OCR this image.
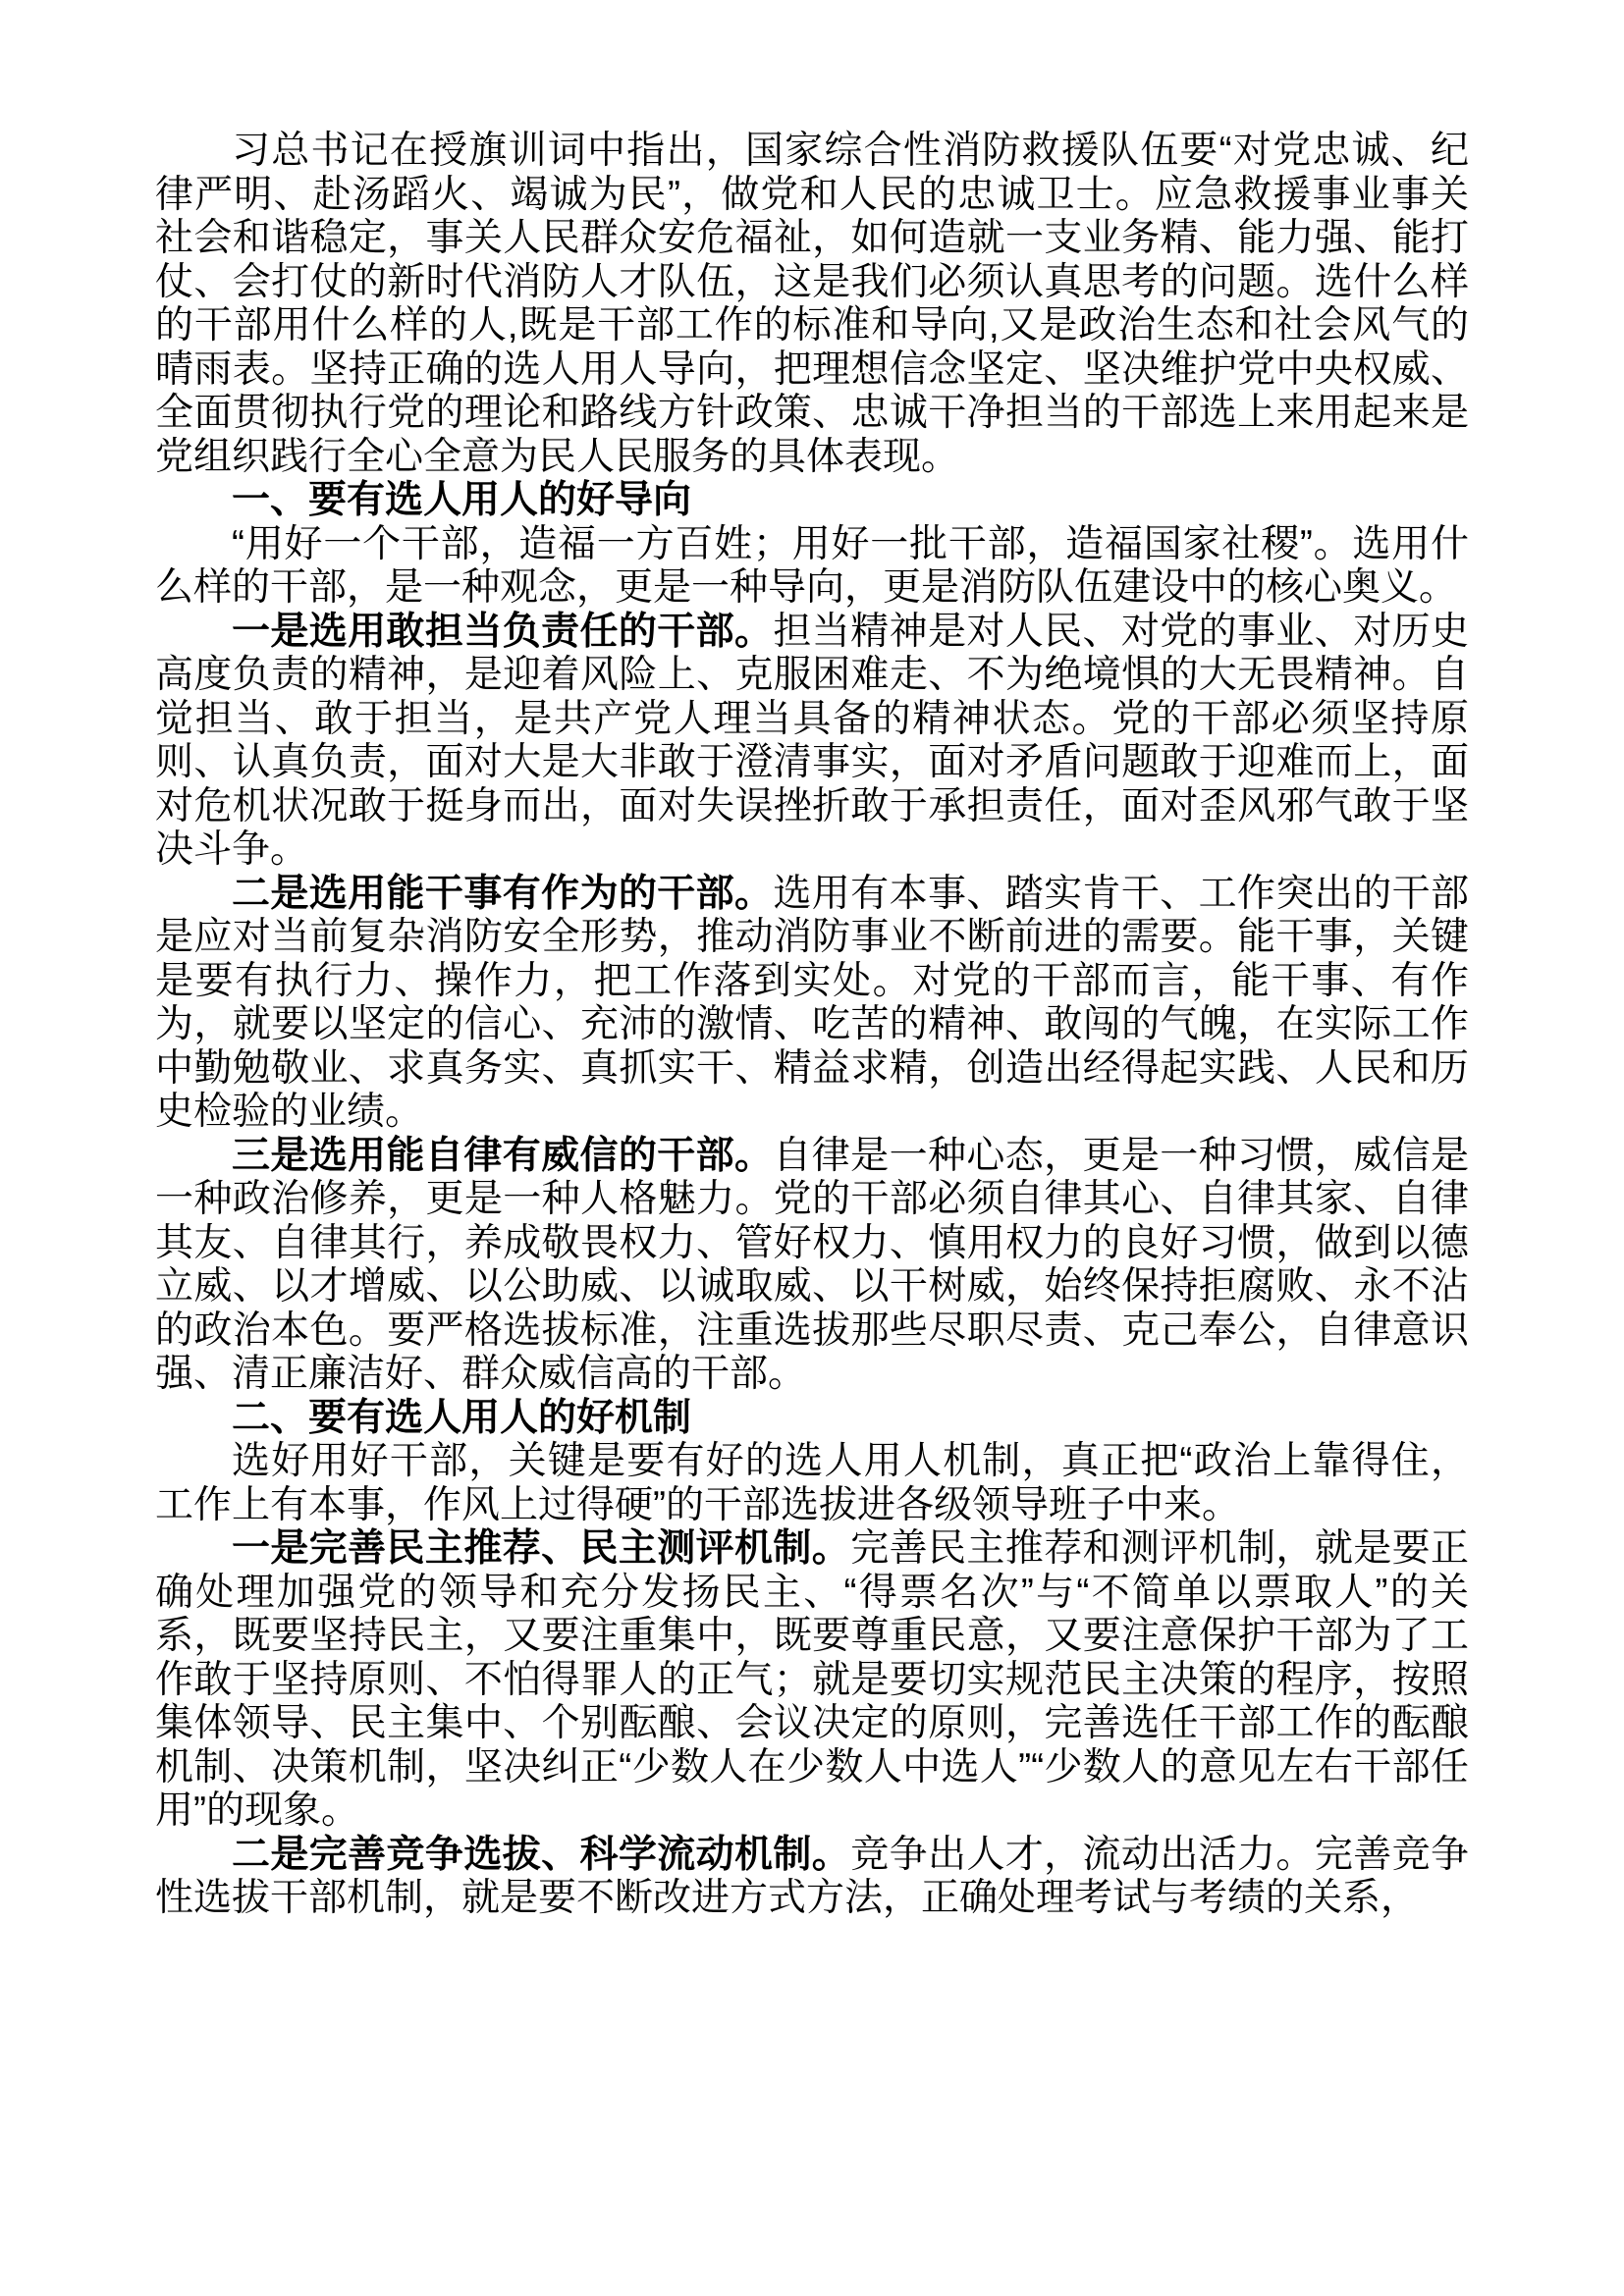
习总书记在授旗训词中指出，国家综合性消防救援队伍要“对党忠诚、纪律严明、赴汤蹈火、竭诚为民”，做党和人民的忠诚卫士。应急救援事业事关社会和谐稳定，事关人民群众安危福祉，如何造就一支业务精、能力强、能打仗、会打仗的新时代消防人才队伍，这是我们必须认真思考的问题。选什么样的干部用什么样的人,既是干部工作的标准和导向,又是政治生态和社会风气的晴雨表。坚持正确的选人用人导向，把理想信念坚定、坚决维护党中央权威、全面贯彻执行党的理论和路线方针政策、忠诚干净担当的干部选上来用起来是党组织践行全心全意为民人民服务的具体表现。

一、要有选人用人的好导向

“用好一个干部，造福一方百姓；用好一批干部，造福国家社稷”。选用什么样的干部，是一种观念，更是一种导向，更是消防队伍建设中的核心奥义。

一是选用敢担当负责任的干部。担当精神是对人民、对党的事业、对历史高度负责的精神，是迎着风险上、克服困难走、不为绝境惧的大无畏精神。自觉担当、敢于担当，是共产党人理当具备的精神状态。党的干部必须坚持原则、认真负责，面对大是大非敢于澄清事实，面对矛盾问题敢于迎难而上，面对危机状况敢于挺身而出，面对失误挫折敢于承担责任，面对歪风邪气敢于坚决斗争。

二是选用能干事有作为的干部。选用有本事、踏实肯干、工作突出的干部是应对当前复杂消防安全形势，推动消防事业不断前进的需要。能干事，关键是要有执行力、操作力，把工作落到实处。对党的干部而言，能干事、有作为，就要以坚定的信心、充沛的激情、吃苦的精神、敢闯的气魄，在实际工作中勤勉敬业、求真务实、真抓实干、精益求精，创造出经得起实践、人民和历史检验的业绩。

三是选用能自律有威信的干部。自律是一种心态，更是一种习惯，威信是一种政治修养，更是一种人格魅力。党的干部必须自律其心、自律其家、自律其友、自律其行，养成敬畏权力、管好权力、慎用权力的良好习惯，做到以德立威、以才增威、以公助威、以诚取威、以干树威，始终保持拒腐败、永不沾的政治本色。要严格选拔标准，注重选拔那些尽职尽责、克己奉公，自律意识强、清正廉洁好、群众威信高的干部。

二、要有选人用人的好机制

选好用好干部，关键是要有好的选人用人机制，真正把“政治上靠得住，工作上有本事，作风上过得硬”的干部选拔进各级领导班子中来。

一是完善民主推荐、民主测评机制。完善民主推荐和测评机制，就是要正确处理加强党的领导和充分发扬民主、“得票名次”与“不简单以票取人”的关系，既要坚持民主，又要注重集中，既要尊重民意，又要注意保护干部为了工作敢于坚持原则、不怕得罪人的正气；就是要切实规范民主决策的程序，按照集体领导、民主集中、个别酝酿、会议决定的原则，完善选任干部工作的酝酿机制、决策机制，坚决纠正“少数人在少数人中选人”“少数人的意见左右干部任用”的现象。

二是完善竞争选拔、科学流动机制。竞争出人才，流动出活力。完善竞争性选拔干部机制，就是要不断改进方式方法，正确处理考试与考绩的关系，
